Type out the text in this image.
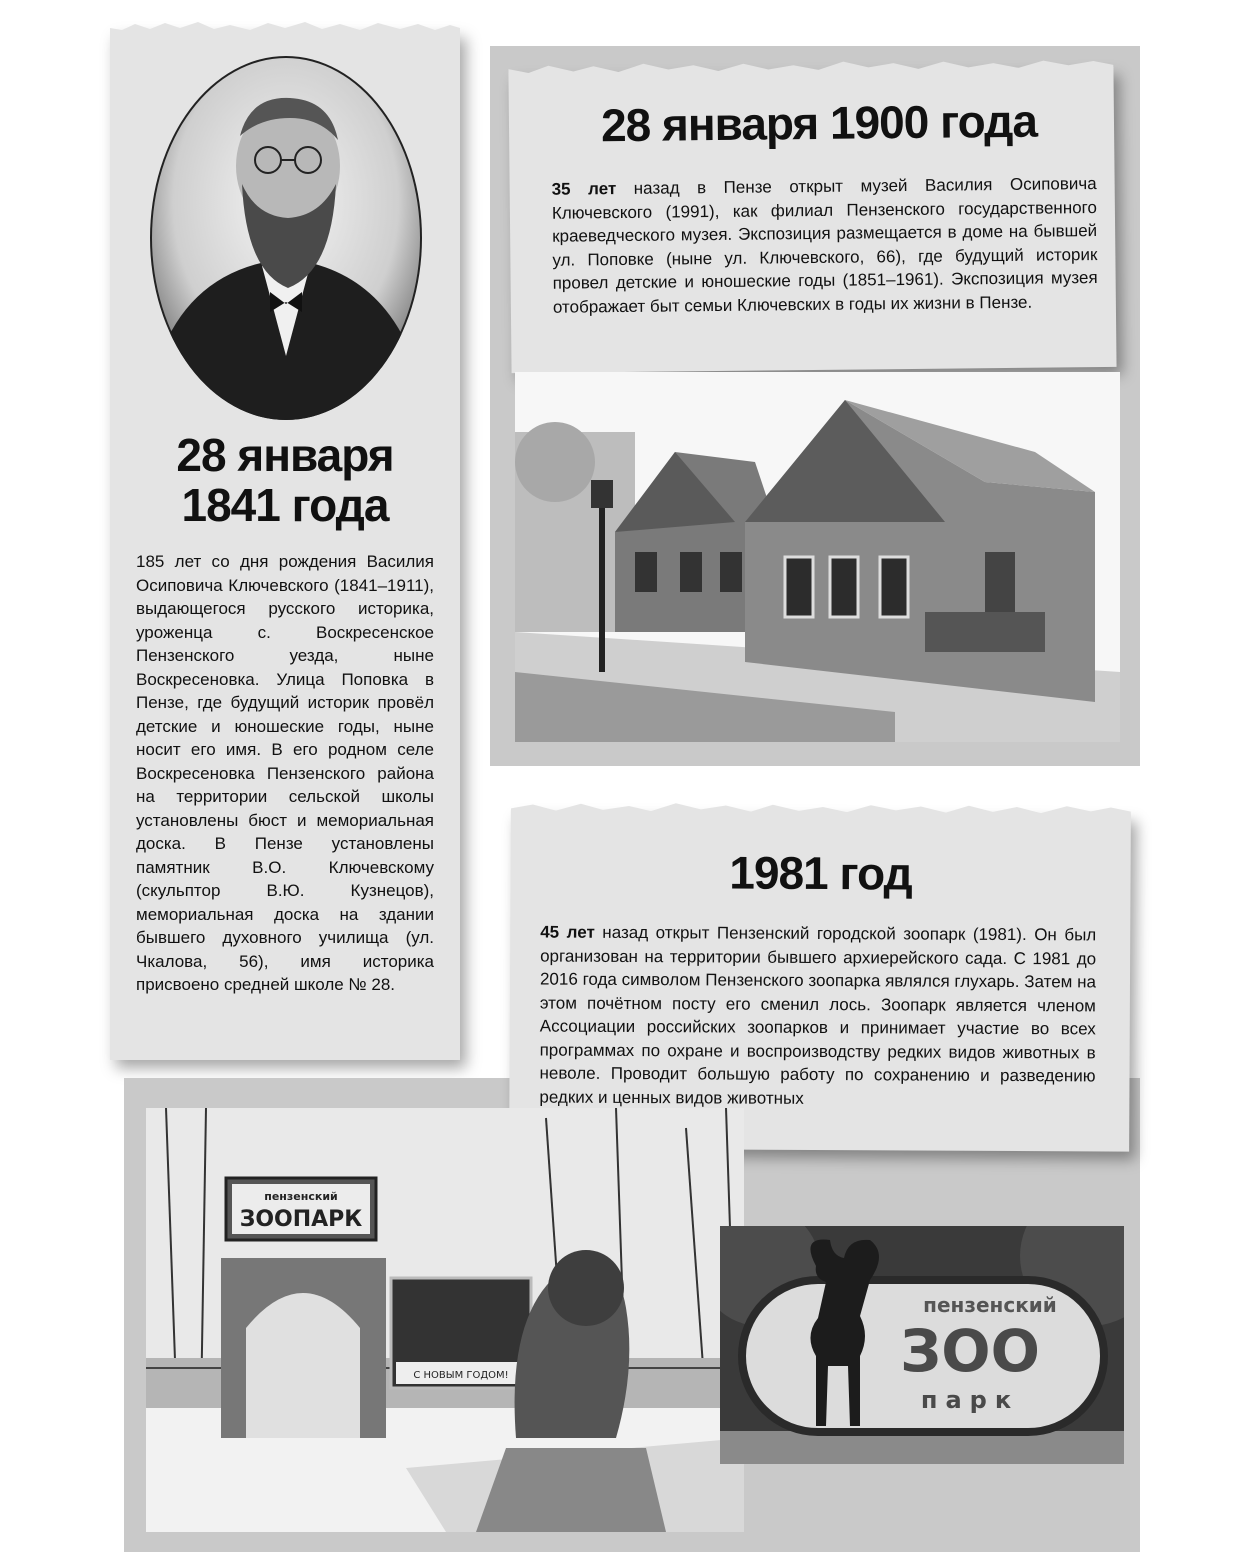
28 января
1841 года

185 лет со дня рождения Василия Осиповича Ключевского (1841–1911), выдающегося русского историка, уроженца с. Воскресенское Пензенского уезда, ныне Воскресеновка. Улица Поповка в Пензе, где будущий историк провёл детские и юношеские годы, ныне носит его имя. В его родном селе Воскресеновка Пензенского района на территории сельской школы установлены бюст и мемориальная доска. В Пензе установлены памятник В.О. Ключевскому (скульптор В.Ю. Кузнецов), мемориальная доска на здании бывшего духовного училища (ул. Чкалова, 56), имя историка присвоено средней школе № 28.

28 января 1900 года

35 лет назад в Пензе открыт музей Василия Осиповича Ключевского (1991), как филиал Пензенского государственного краеведческого музея. Экспозиция размещается в доме на бывшей ул. Поповке (ныне ул. Ключевского, 66), где будущий историк провел детские и юношеские годы (1851–1961). Экспозиция музея отображает быт семьи Ключевских в годы их жизни в Пензе.

1981 год

45 лет назад открыт Пензенский городской зоопарк (1981). Он был организован на территории бывшего архиерейского сада. С 1981 до 2016 года символом Пензенского зоопарка являлся глухарь. Затем на этом почётном посту его сменил лось. Зоопарк является членом Ассоциации российских зоопарков и принимает участие во всех программах по охране и воспроизводству редких видов животных в неволе. Проводит большую работу по сохранению и разведению редких и ценных видов животных

пензенский
ЗООПАРК
С НОВЫМ ГОДОМ!
пензенский
ЗОО
парк
